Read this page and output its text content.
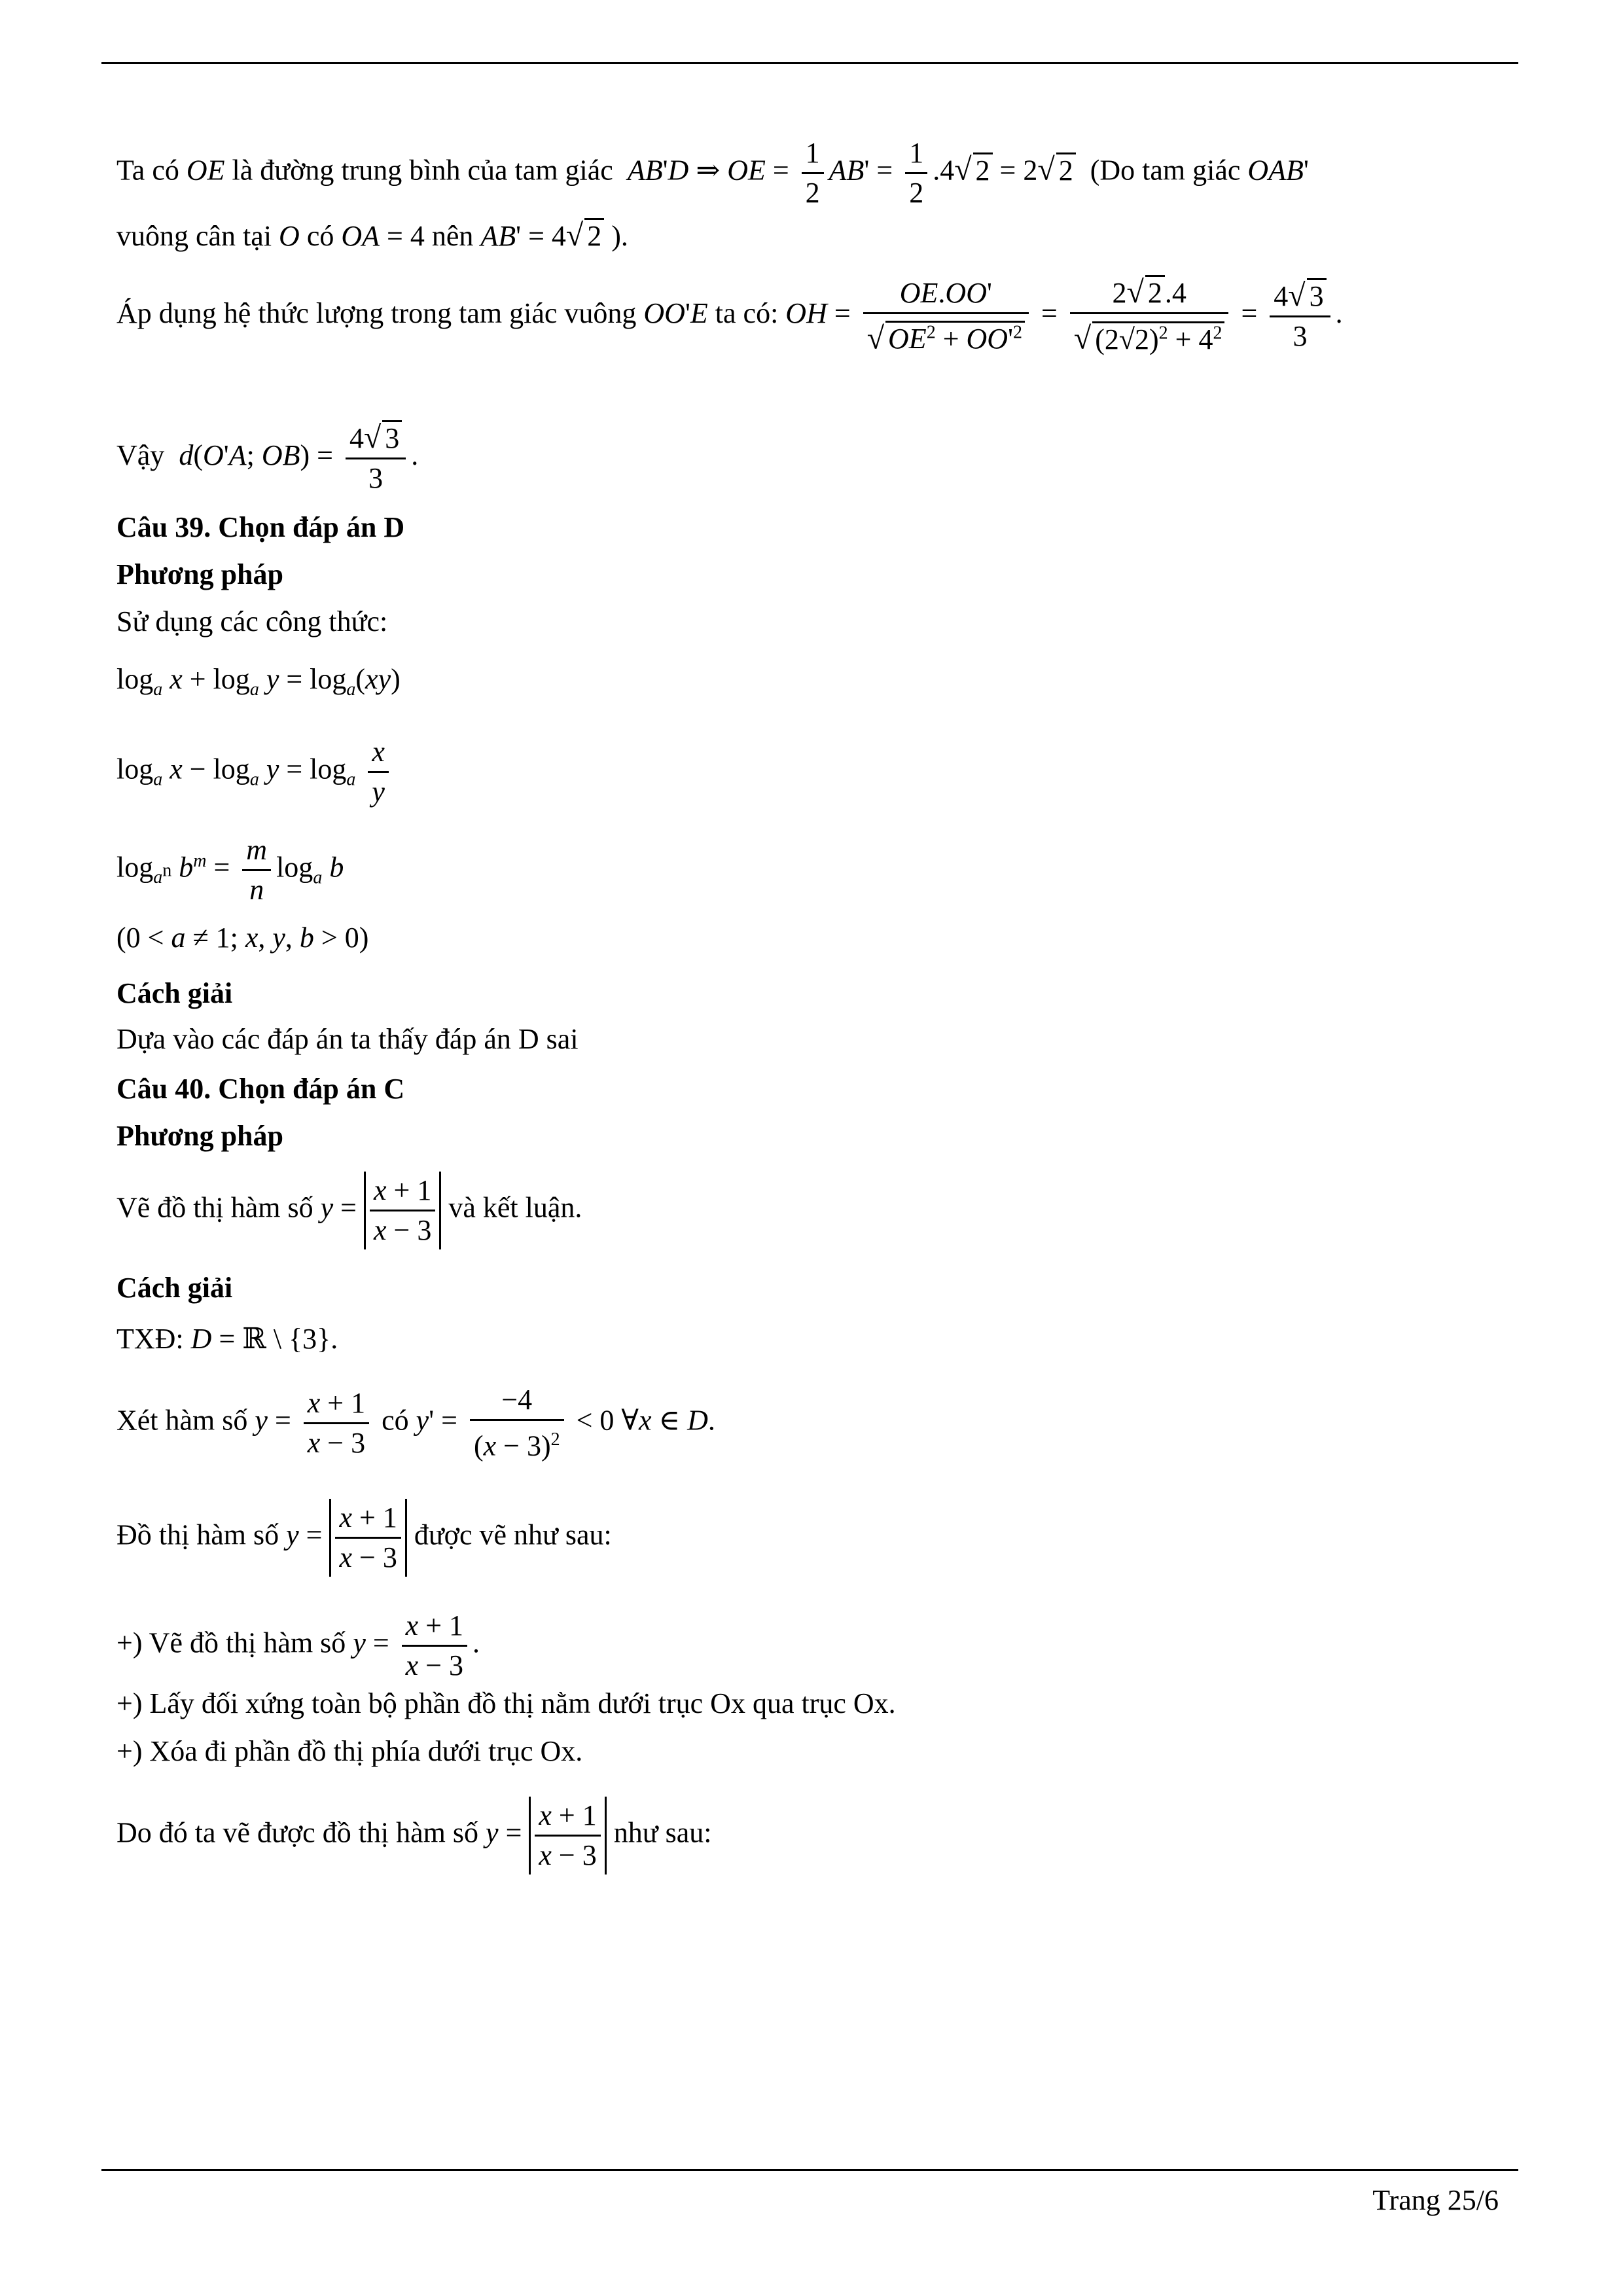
Ta có OE là đường trung bình của tam giác AB'D ⇒ OE = $\frac{1}{2} AB' = \frac{1}{2} .4√$ 2 = 2√ 2 (Do tam giác OAB'
vuông cân tại O có OA = 4 nên AB' = 4√ 2 ).
Áp dụng hệ thức lượng trong tam giác vuông OO'E ta có: OH = $\frac{OE.OO'}{√ OE^2 + OO'^2} = \frac{2√ 2.4}{√ (2√2)^2 + 4^2} = \frac{4√ 3}{3}$ .
Vậy d(O'A; $OB) = \frac{4√ 3}{3}$ .
Câu 39. Chọn đáp án D
Phương pháp
Sử dụng các công thức:
$\log_a x + \log_a y = \log_a(xy)$
$\log_a x - \log_a y = \log_a \frac{x}{y}$
$\log_{a^n} b^m = \frac{m}{n} \log_a b$
(0 < a ≠ 1; x, y, b > 0)
Cách giải
Dựa vào các đáp án ta thấy đáp án D sai
Câu 40. Chọn đáp án C
Phương pháp
Vẽ đồ thị hàm số $y = \frac{x + 1}{x - 3}$ và kết luận.
Cách giải
TXĐ: D = ℝ \ {3}.
Xét hàm số $y = \frac{x + 1}{x - 3}$ có $y' = \frac{-4}{(x - 3)^2} < 0$ ∀x ∈ D.
Đồ thị hàm số $y = \frac{x + 1}{x - 3}$ được vẽ như sau:
+) Vẽ đồ thị hàm số $y = \frac{x + 1}{x - 3}$ .
+) Lấy đối xứng toàn bộ phần đồ thị nằm dưới trục Ox qua trục Ox.
+) Xóa đi phần đồ thị phía dưới trục Ox.
Do đó ta vẽ được đồ thị hàm số $y = \frac{x + 1}{x - 3}$ như sau:
Trang 25/6
